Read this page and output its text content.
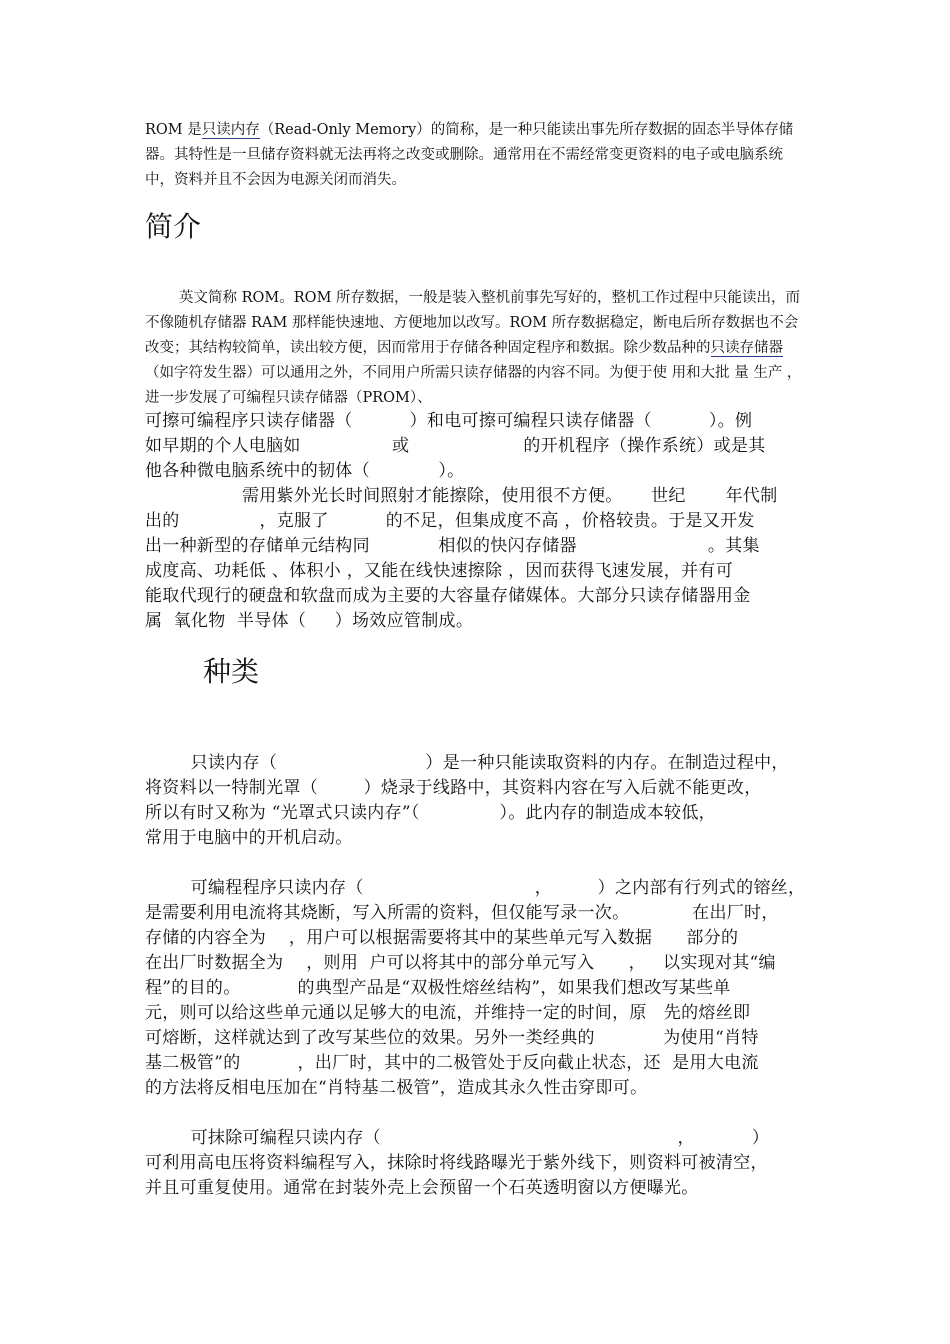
ROM 是只读内存（Read-Only Memory）的简称，是一种只能读出事先所存数据的固态半导体存储器。其特性是一旦储存资料就无法再将之改变或删除。通常用在不需经常变更资料的电子或电脑系统中，资料并且不会因为电源关闭而消失。

简介

英文简称 ROM。ROM 所存数据，一般是装入整机前事先写好的，整机工作过程中只能读出，而不像随机存储器 RAM 那样能快速地、方便地加以改写。ROM 所存数据稳定，断电后所存数据也不会改变；其结构较简单，读出较方便，因而常用于存储各种固定程序和数据。除少数品种的只读存储器（如字符发生器）可以通用之外，不同用户所需只读存储器的内容不同。为便于使 用和大批 量 生产 ，进一步发展了可编程只读存储器（PROM）、

可擦可编程序只读存储器（          ）和电可擦可编程只读存储器（          ）。例
如早期的个人电脑如                或                    的开机程序（操作系统）或是其
他各种微电脑系统中的韧体（            ）。
需用紫外光长时间照射才能擦除，使用很不方便。     世纪       年代制
出的              ，克服了          的不足，但集成度不高 ，价格较贵。于是又开发
出一种新型的存储单元结构同            相似的快闪存储器                       。其集
成度高、功耗低 、体积小 ，又能在线快速擦除 ，因而获得飞速发展，并有可
能取代现行的硬盘和软盘而成为主要的大容量存储媒体。大部分只读存储器用金
属  氧化物  半导体（     ）场效应管制成。
种类
只读内存（                          ）是一种只能读取资料的内存。在制造过程中，
将资料以一特制光罩（        ）烧录于线路中，其资料内容在写入后就不能更改，
所以有时又称为 “光罩式只读内存”（              ）。此内存的制造成本较低，
常用于电脑中的开机启动。
可编程程序只读内存（                              ，        ）之内部有行列式的镕丝，
是需要利用电流将其烧断，写入所需的资料，但仅能写录一次。           在出厂时，
存储的内容全为    ，用户可以根据需要将其中的某些单元写入数据      部分的
在出厂时数据全为    ，则用  户可以将其中的部分单元写入      ，   以实现对其“编
程”的目的。          的典型产品是“双极性熔丝结构”，如果我们想改写某些单
元，则可以给这些单元通以足够大的电流，并维持一定的时间，原   先的熔丝即
可熔断，这样就达到了改写某些位的效果。另外一类经典的            为使用“肖特
基二极管”的          ，出厂时，其中的二极管处于反向截止状态，还  是用大电流
的方法将反相电压加在“肖特基二极管”，造成其永久性击穿即可。
可抹除可编程只读内存（                                                    ，          ）
可利用高电压将资料编程写入，抹除时将线路曝光于紫外线下，则资料可被清空，
并且可重复使用。通常在封装外壳上会预留一个石英透明窗以方便曝光。
